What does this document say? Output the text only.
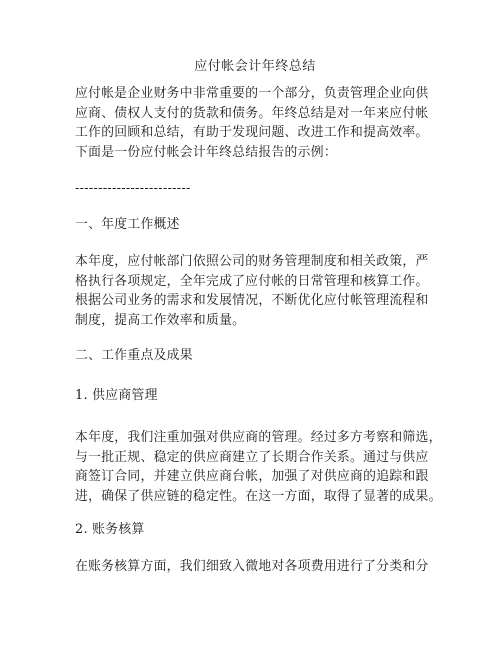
应付帐会计年终总结
应付帐是企业财务中非常重要的一个部分，负责管理企业向供
应商、债权人支付的货款和债务。年终总结是对一年来应付帐
工作的回顾和总结，有助于发现问题、改进工作和提高效率。
下面是一份应付帐会计年终总结报告的示例：
-------------------------
一、年度工作概述
本年度，应付帐部门依照公司的财务管理制度和相关政策，严
格执行各项规定，全年完成了应付帐的日常管理和核算工作。
根据公司业务的需求和发展情况，不断优化应付帐管理流程和
制度，提高工作效率和质量。
二、工作重点及成果
1. 供应商管理
本年度，我们注重加强对供应商的管理。经过多方考察和筛选，
与一批正规、稳定的供应商建立了长期合作关系。通过与供应
商签订合同，并建立供应商台帐，加强了对供应商的追踪和跟
进，确保了供应链的稳定性。在这一方面，取得了显著的成果。
2. 账务核算
在账务核算方面，我们细致入微地对各项费用进行了分类和分
